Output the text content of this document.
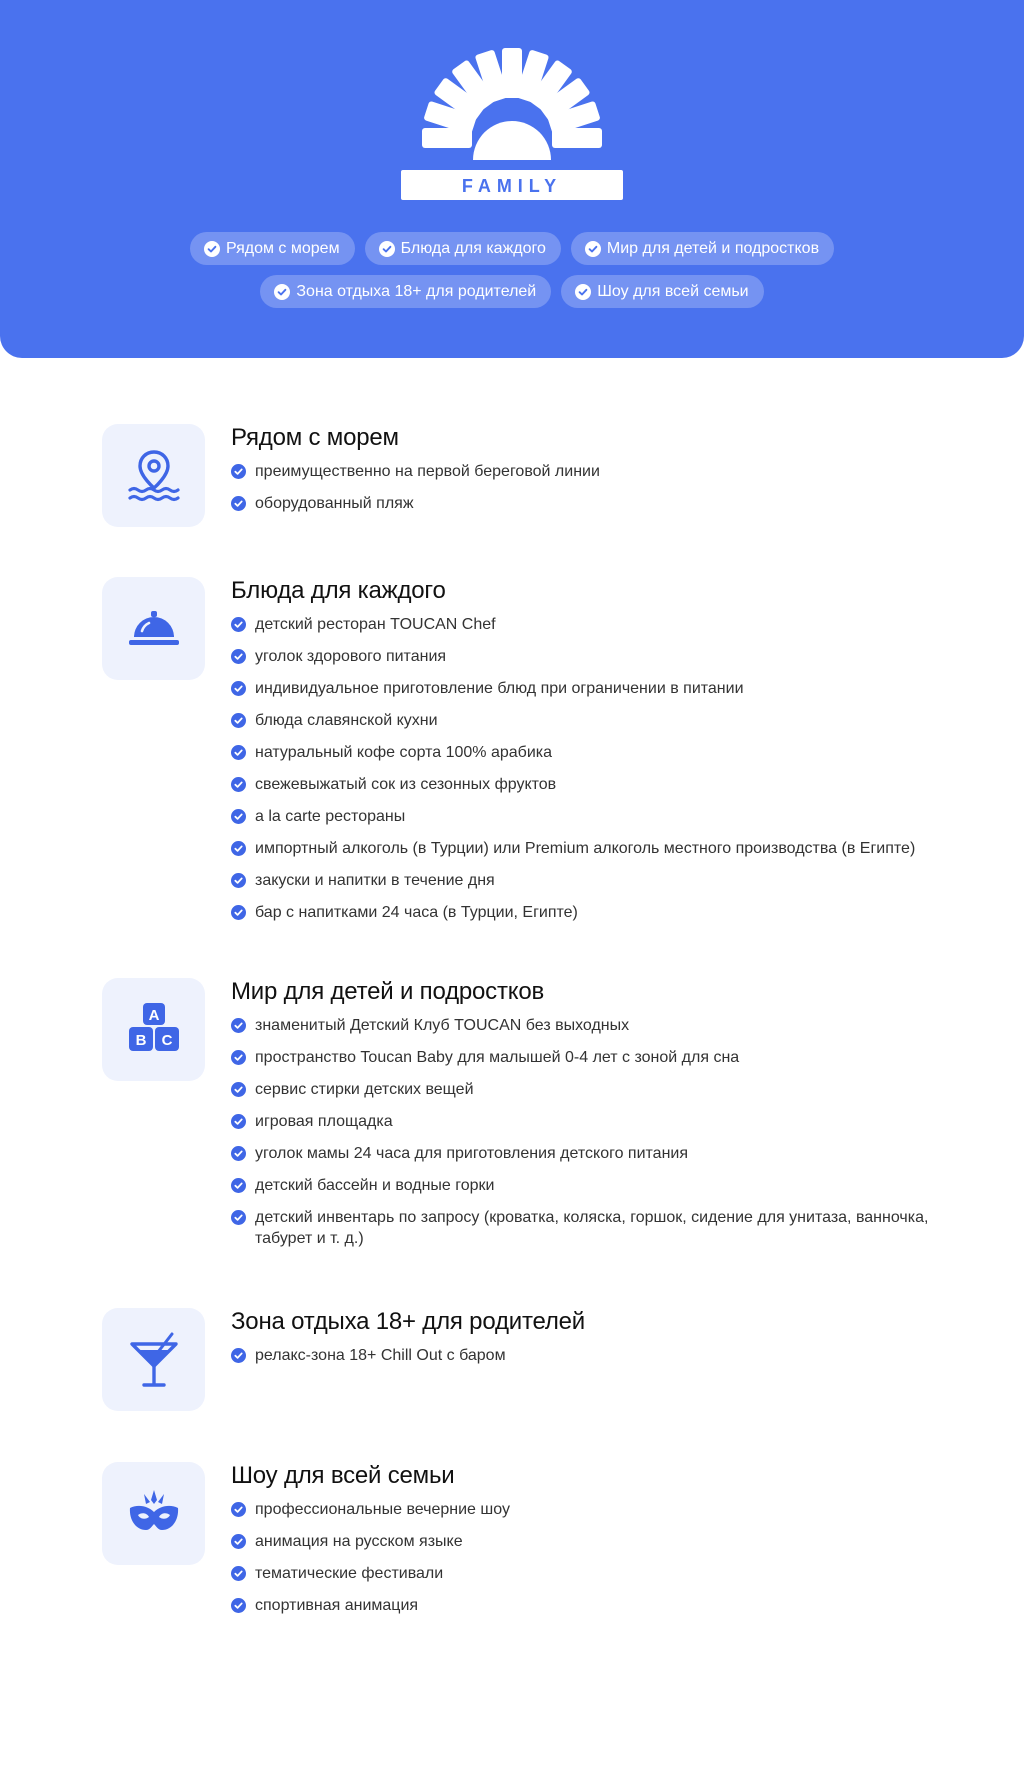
FAMILY
Рядом с морем	Блюда для каждого	Мир для детей и подростков
Зона отдыха 18+ для родителей	Шоу для всей семьи
Рядом с морем
преимущественно на первой береговой линии
оборудованный пляж
Блюда для каждого
детский ресторан TOUCAN Chef
уголок здорового питания
индивидуальное приготовление блюд при ограничении в питании
блюда славянской кухни
натуральный кофе сорта 100% арабика
свежевыжатый сок из сезонных фруктов
a la carte рестораны
импортный алкоголь (в Турции) или Premium алкоголь местного производства (в Египте)
закуски и напитки в течение дня
бар с напитками 24 часа (в Турции, Египте)
A
B C
Мир для детей и подростков
знаменитый Детский Клуб TOUCAN без выходных
пространство Toucan Baby для малышей 0-4 лет с зоной для сна
сервис стирки детских вещей
игровая площадка
уголок мамы 24 часа для приготовления детского питания
детский бассейн и водные горки
детский инвентарь по запросу (кроватка, коляска, горшок, сидение для унитаза, ванночка, табурет и т. д.)
Зона отдыха 18+ для родителей
релакс-зона 18+ Chill Out с баром
Шоу для всей семьи
профессиональные вечерние шоу
анимация на русском языке
тематические фестивали
спортивная анимация
